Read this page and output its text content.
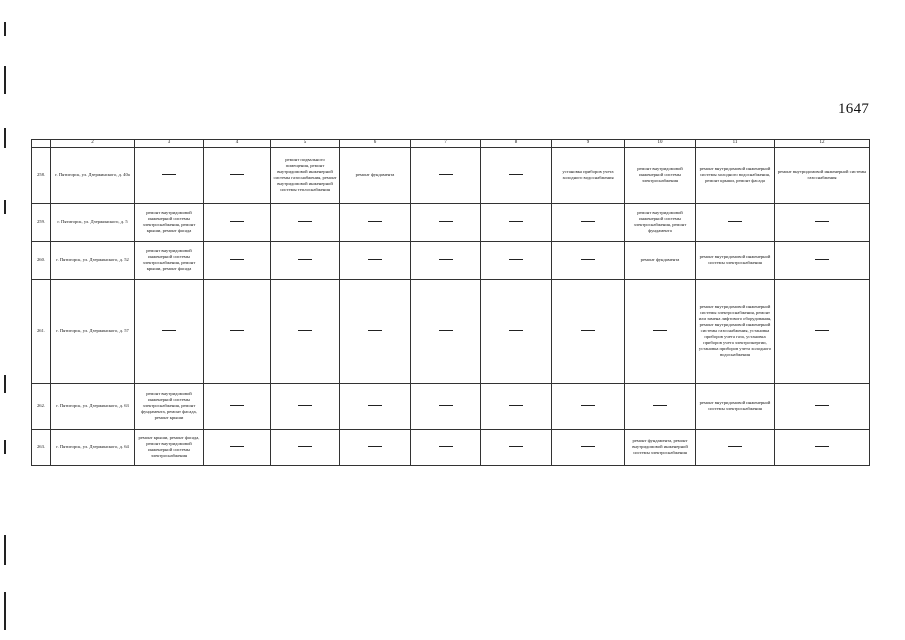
1647
	2	3	4	5	6	7	8	9	10	11	12
258.	г. Пятигорск, ул. Дзержинского, д. 40а			ремонт подвального помещения, ремонт внутридомовой инженерной системы газоснабжения, ремонт внутридомовой инженерной системы теплоснабжения	ремонт фундамента			установка приборов учета холодного водоснабжения	ремонт внутридомовой инженерной системы электроснабжения	ремонт внутридомовой инженерной системы холодного водоснабжения, ремонт крыши, ремонт фасада	ремонт внутридомовой инженерной системы газоснабжения
259.	г. Пятигорск, ул. Дзержинского, д. 5	ремонт внутридомовой инженерной системы электроснабжения, ремонт крыши, ремонт фасада							ремонт внутридомовой инженерной системы электроснабжения, ремонт фундамента		
260.	г. Пятигорск, ул. Дзержинского, д. 52	ремонт внутридомовой инженерной системы электроснабжения, ремонт крыши, ремонт фасада							ремонт фундамента	ремонт внутридомовой инженерной системы электроснабжения	
261.	г. Пятигорск, ул. Дзержинского, д. 57									ремонт внутридомовой инженерной системы электроснабжения, ремонт или замена лифтового оборудования, ремонт внутридомовой инженерной системы газоснабжения, установка приборов учета газа, установка приборов учета электроэнергии, установка приборов учета холодного водоснабжения	
262.	г. Пятигорск, ул. Дзержинского, д. 63	ремонт внутридомовой инженерной системы электроснабжения, ремонт фундамента, ремонт фасада, ремонт крыши								ремонт внутридомовой инженерной системы электроснабжения	
263.	г. Пятигорск, ул. Дзержинского, д. 64	ремонт крыши, ремонт фасада, ремонт внутридомовой инженерной системы электроснабжения							ремонт фундамента, ремонт внутридомовой инженерной системы электроснабжения		
